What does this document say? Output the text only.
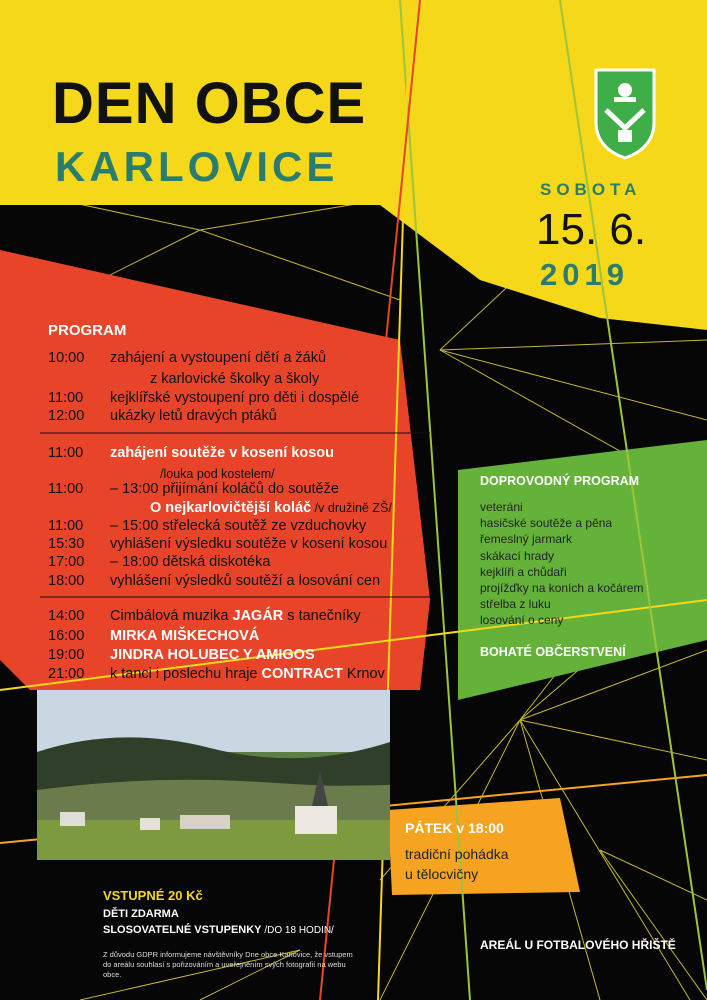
DEN OBCE
KARLOVICE	SOBOTA
15. 6.
2019
PROGRAM
10:00 zahájení a vystoupení dětí a žáků
z karlovické školky a školy
11:00 kejklířské vystoupení pro děti i dospělé
12:00 ukázky letů dravých ptáků
11:00 zahájení soutěže v kosení kosou
/louka pod kostelem/
11:00 – 13:00 přijímání koláčů do soutěže
O nejkarlovičtější koláč /v družině ZŠ/
11:00 – 15:00 střelecká soutěž ze vzduchovky
15:30 vyhlášení výsledku soutěže v kosení kosou
17:00 – 18:00 dětská diskotéka
18:00 vyhlášení výsledků soutěží a losování cen
14:00 Cimbálová muzika JAGÁR s tanečníky
16:00 MIRKA MIŠKECHOVÁ
19:00 JINDRA HOLUBEC Y AMIGOS
21:00 k tanci i poslechu hraje CONTRACT Krnov
DOPROVODNÝ PROGRAM
veteráni
hasičské soutěže a pěna
řemeslný jarmark
skákací hrady
kejklíři a chůdaři
projížďky na koních a kočárem
střelba z luku
losování o ceny
BOHATÉ OBČERSTVENÍ
PÁTEK v 18:00
tradiční pohádka
u tělocvičny
VSTUPNÉ 20 Kč
DĚTI ZDARMA
SLOSOVATELNÉ VSTUPENKY /DO 18 HODIN/
Z důvodu GDPR informujeme návštěvníky Dne obce Karlovice, že vstupem do areálu souhlasí s pořizováním a uveřejněním svých fotografií na webu obce.
AREÁL U FOTBALOVÉHO HŘIŠTĚ
